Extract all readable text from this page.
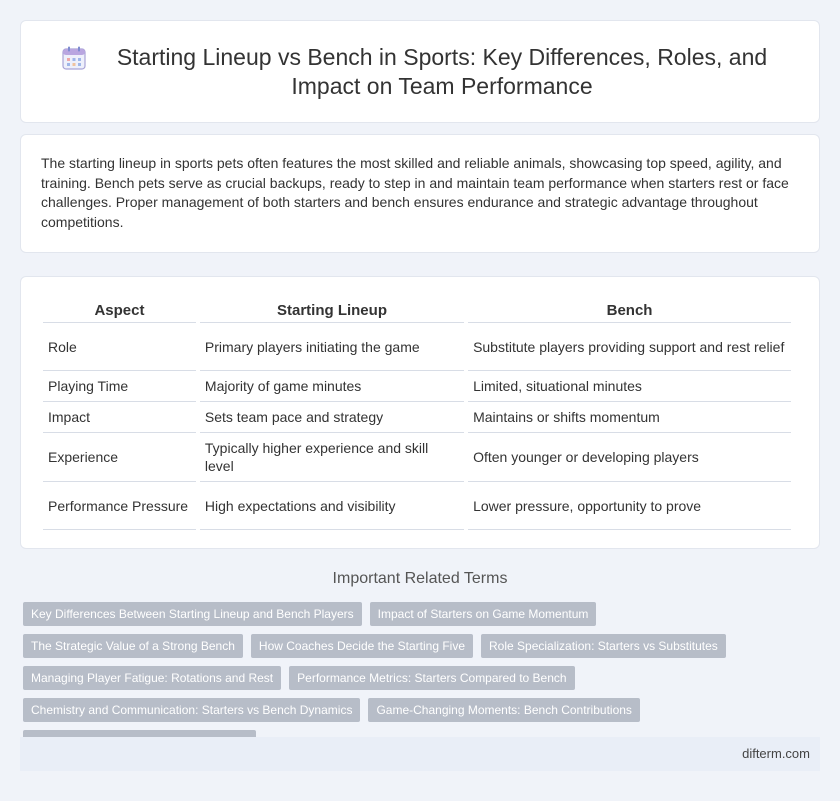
Starting Lineup vs Bench in Sports: Key Differences, Roles, and Impact on Team Performance

The starting lineup in sports pets often features the most skilled and reliable animals, showcasing top speed, agility, and training. Bench pets serve as crucial backups, ready to step in and maintain team performance when starters rest or face challenges. Proper management of both starters and bench ensures endurance and strategic advantage throughout competitions.

Aspect	Starting Lineup	Bench
Role	Primary players initiating the game	Substitute players providing support and rest relief
Playing Time	Majority of game minutes	Limited, situational minutes
Impact	Sets team pace and strategy	Maintains or shifts momentum
Experience	Typically higher experience and skill level	Often younger or developing players
Performance Pressure	High expectations and visibility	Lower pressure, opportunity to prove
Important Related Terms
Key Differences Between Starting Lineup and Bench Players	Impact of Starters on Game Momentum
The Strategic Value of a Strong Bench	How Coaches Decide the Starting Five	Role Specialization: Starters vs Substitutes
Managing Player Fatigue: Rotations and Rest	Performance Metrics: Starters Compared to Bench
Chemistry and Communication: Starters vs Bench Dynamics	Game-Changing Moments: Bench Contributions
difterm.com
